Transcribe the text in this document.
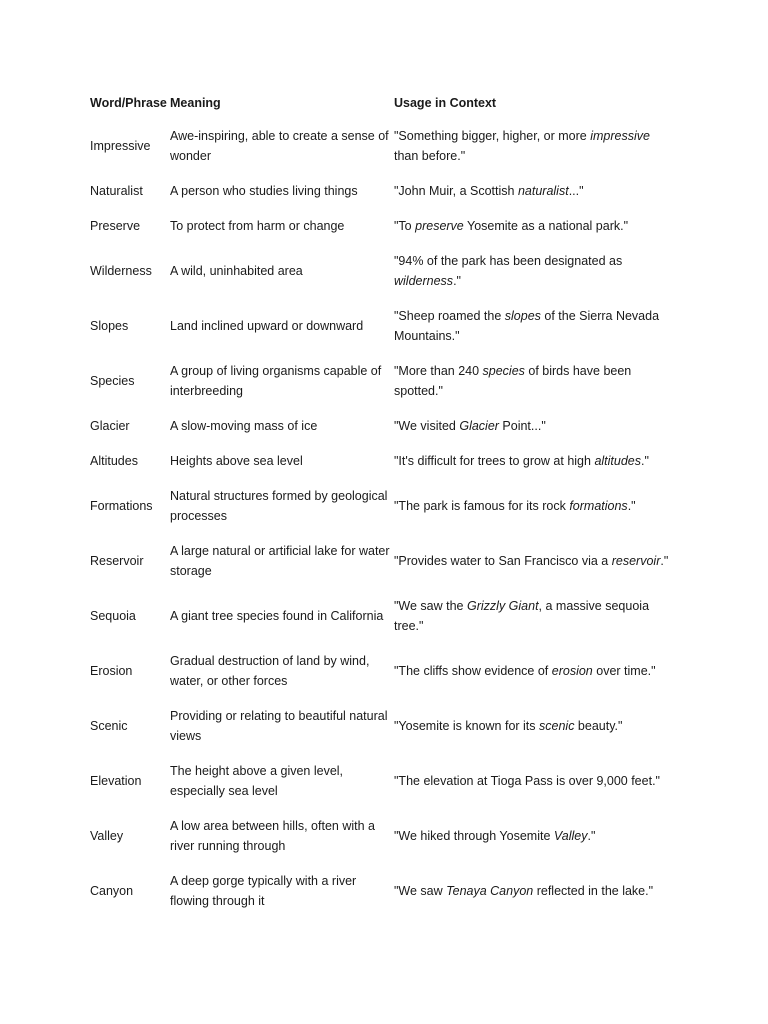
Word/Phrase	Meaning	Usage in Context
Impressive	Awe-inspiring, able to create a sense of wonder	"Something bigger, higher, or more impressive than before."
Naturalist	A person who studies living things	"John Muir, a Scottish naturalist..."
Preserve	To protect from harm or change	"To preserve Yosemite as a national park."
Wilderness	A wild, uninhabited area	"94% of the park has been designated as wilderness."
Slopes	Land inclined upward or downward	"Sheep roamed the slopes of the Sierra Nevada Mountains."
Species	A group of living organisms capable of interbreeding	"More than 240 species of birds have been spotted."
Glacier	A slow-moving mass of ice	"We visited Glacier Point..."
Altitudes	Heights above sea level	"It's difficult for trees to grow at high altitudes."
Formations	Natural structures formed by geological processes	"The park is famous for its rock formations."
Reservoir	A large natural or artificial lake for water storage	"Provides water to San Francisco via a reservoir."
Sequoia	A giant tree species found in California	"We saw the Grizzly Giant, a massive sequoia tree."
Erosion	Gradual destruction of land by wind, water, or other forces	"The cliffs show evidence of erosion over time."
Scenic	Providing or relating to beautiful natural views	"Yosemite is known for its scenic beauty."
Elevation	The height above a given level, especially sea level	"The elevation at Tioga Pass is over 9,000 feet."
Valley	A low area between hills, often with a river running through	"We hiked through Yosemite Valley."
Canyon	A deep gorge typically with a river flowing through it	"We saw Tenaya Canyon reflected in the lake."
